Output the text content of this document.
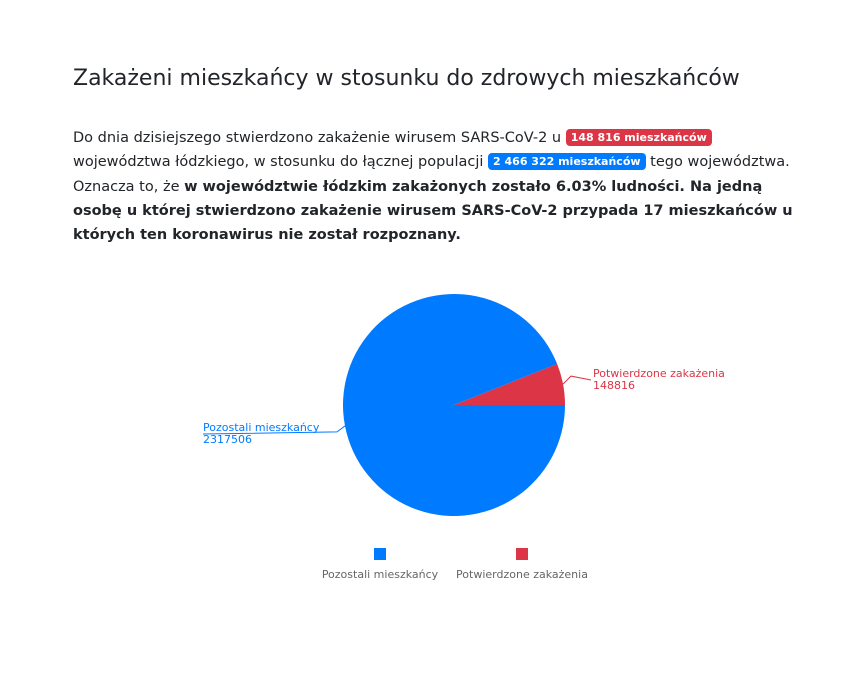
Zakażeni mieszkańcy w stosunku do zdrowych mieszkańców

Do dnia dzisiejszego stwierdzono zakażenie wirusem SARS-CoV-2 u 148 816 mieszkańców województwa łódzkiego, w stosunku do łącznej populacji 2 466 322 mieszkańców tego województwa. Oznacza to, że w województwie łódzkim zakażonych zostało 6.03% ludności. Na jedną osobę u której stwierdzono zakażenie wirusem SARS-CoV-2 przypada 17 mieszkańców u których ten koronawirus nie został rozpoznany.

Potwierdzone zakażenia
148816
Pozostali mieszkańcy
2317506
Pozostali mieszkańcy Potwierdzone zakażenia
